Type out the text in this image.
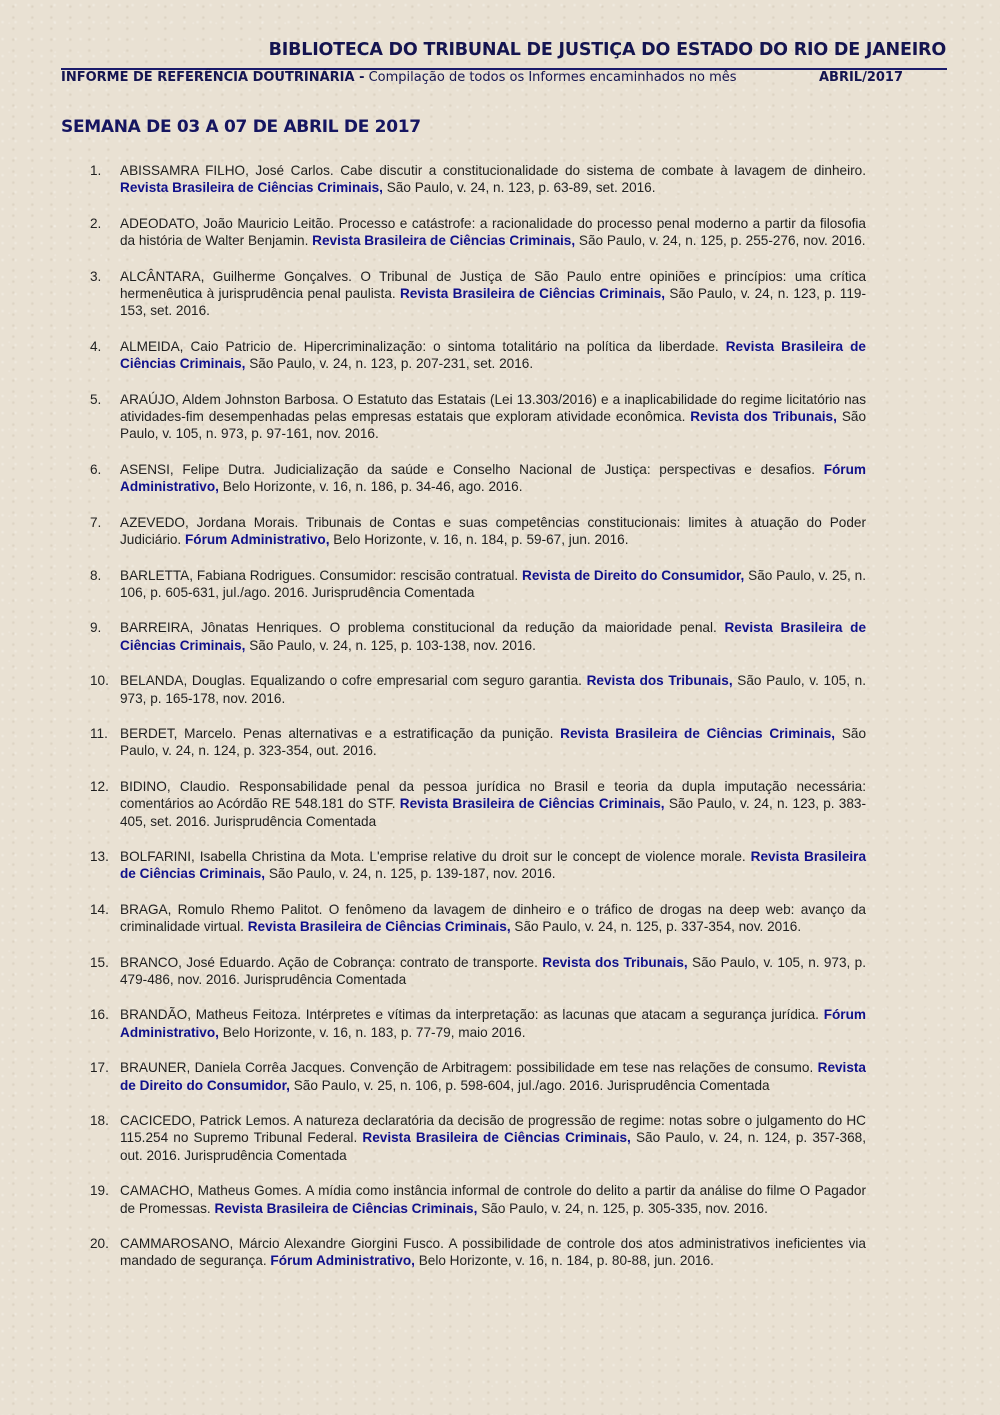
BIBLIOTECA DO TRIBUNAL DE JUSTIÇA DO ESTADO DO RIO DE JANEIRO
INFORME DE REFERÊNCIA DOUTRINÁRIA - Compilação de todos os Informes encaminhados no mês	ABRIL/2017
SEMANA DE 03 A 07 DE ABRIL DE 2017
1. ABISSAMRA FILHO, José Carlos. Cabe discutir a constitucionalidade do sistema de combate à lavagem de dinheiro. Revista Brasileira de Ciências Criminais, São Paulo, v. 24, n. 123, p. 63-89, set. 2016.
2. ADEODATO, João Mauricio Leitão. Processo e catástrofe: a racionalidade do processo penal moderno a partir da filosofia da história de Walter Benjamin. Revista Brasileira de Ciências Criminais, São Paulo, v. 24, n. 125, p. 255-276, nov. 2016.
3. ALCÂNTARA, Guilherme Gonçalves. O Tribunal de Justiça de São Paulo entre opiniões e princípios: uma crítica hermenêutica à jurisprudência penal paulista. Revista Brasileira de Ciências Criminais, São Paulo, v. 24, n. 123, p. 119-153, set. 2016.
4. ALMEIDA, Caio Patricio de. Hipercriminalização: o sintoma totalitário na política da liberdade. Revista Brasileira de Ciências Criminais, São Paulo, v. 24, n. 123, p. 207-231, set. 2016.
5. ARAÚJO, Aldem Johnston Barbosa. O Estatuto das Estatais (Lei 13.303/2016) e a inaplicabilidade do regime licitatório nas atividades-fim desempenhadas pelas empresas estatais que exploram atividade econômica. Revista dos Tribunais, São Paulo, v. 105, n. 973, p. 97-161, nov. 2016.
6. ASENSI, Felipe Dutra. Judicialização da saúde e Conselho Nacional de Justiça: perspectivas e desafios. Fórum Administrativo, Belo Horizonte, v. 16, n. 186, p. 34-46, ago. 2016.
7. AZEVEDO, Jordana Morais. Tribunais de Contas e suas competências constitucionais: limites à atuação do Poder Judiciário. Fórum Administrativo, Belo Horizonte, v. 16, n. 184, p. 59-67, jun. 2016.
8. BARLETTA, Fabiana Rodrigues. Consumidor: rescisão contratual. Revista de Direito do Consumidor, São Paulo, v. 25, n. 106, p. 605-631, jul./ago. 2016. Jurisprudência Comentada
9. BARREIRA, Jônatas Henriques. O problema constitucional da redução da maioridade penal. Revista Brasileira de Ciências Criminais, São Paulo, v. 24, n. 125, p. 103-138, nov. 2016.
10. BELANDA, Douglas. Equalizando o cofre empresarial com seguro garantia. Revista dos Tribunais, São Paulo, v. 105, n. 973, p. 165-178, nov. 2016.
11. BERDET, Marcelo. Penas alternativas e a estratificação da punição. Revista Brasileira de Ciências Criminais, São Paulo, v. 24, n. 124, p. 323-354, out. 2016.
12. BIDINO, Claudio. Responsabilidade penal da pessoa jurídica no Brasil e teoria da dupla imputação necessária: comentários ao Acórdão RE 548.181 do STF. Revista Brasileira de Ciências Criminais, São Paulo, v. 24, n. 123, p. 383-405, set. 2016. Jurisprudência Comentada
13. BOLFARINI, Isabella Christina da Mota. L'emprise relative du droit sur le concept de violence morale. Revista Brasileira de Ciências Criminais, São Paulo, v. 24, n. 125, p. 139-187, nov. 2016.
14. BRAGA, Romulo Rhemo Palitot. O fenômeno da lavagem de dinheiro e o tráfico de drogas na deep web: avanço da criminalidade virtual. Revista Brasileira de Ciências Criminais, São Paulo, v. 24, n. 125, p. 337-354, nov. 2016.
15. BRANCO, José Eduardo. Ação de Cobrança: contrato de transporte. Revista dos Tribunais, São Paulo, v. 105, n. 973, p. 479-486, nov. 2016. Jurisprudência Comentada
16. BRANDÃO, Matheus Feitoza. Intérpretes e vítimas da interpretação: as lacunas que atacam a segurança jurídica. Fórum Administrativo, Belo Horizonte, v. 16, n. 183, p. 77-79, maio 2016.
17. BRAUNER, Daniela Corrêa Jacques. Convenção de Arbitragem: possibilidade em tese nas relações de consumo. Revista de Direito do Consumidor, São Paulo, v. 25, n. 106, p. 598-604, jul./ago. 2016. Jurisprudência Comentada
18. CACICEDO, Patrick Lemos. A natureza declaratória da decisão de progressão de regime: notas sobre o julgamento do HC 115.254 no Supremo Tribunal Federal. Revista Brasileira de Ciências Criminais, São Paulo, v. 24, n. 124, p. 357-368, out. 2016. Jurisprudência Comentada
19. CAMACHO, Matheus Gomes. A mídia como instância informal de controle do delito a partir da análise do filme O Pagador de Promessas. Revista Brasileira de Ciências Criminais, São Paulo, v. 24, n. 125, p. 305-335, nov. 2016.
20. CAMMAROSANO, Márcio Alexandre Giorgini Fusco. A possibilidade de controle dos atos administrativos ineficientes via mandado de segurança. Fórum Administrativo, Belo Horizonte, v. 16, n. 184, p. 80-88, jun. 2016.
